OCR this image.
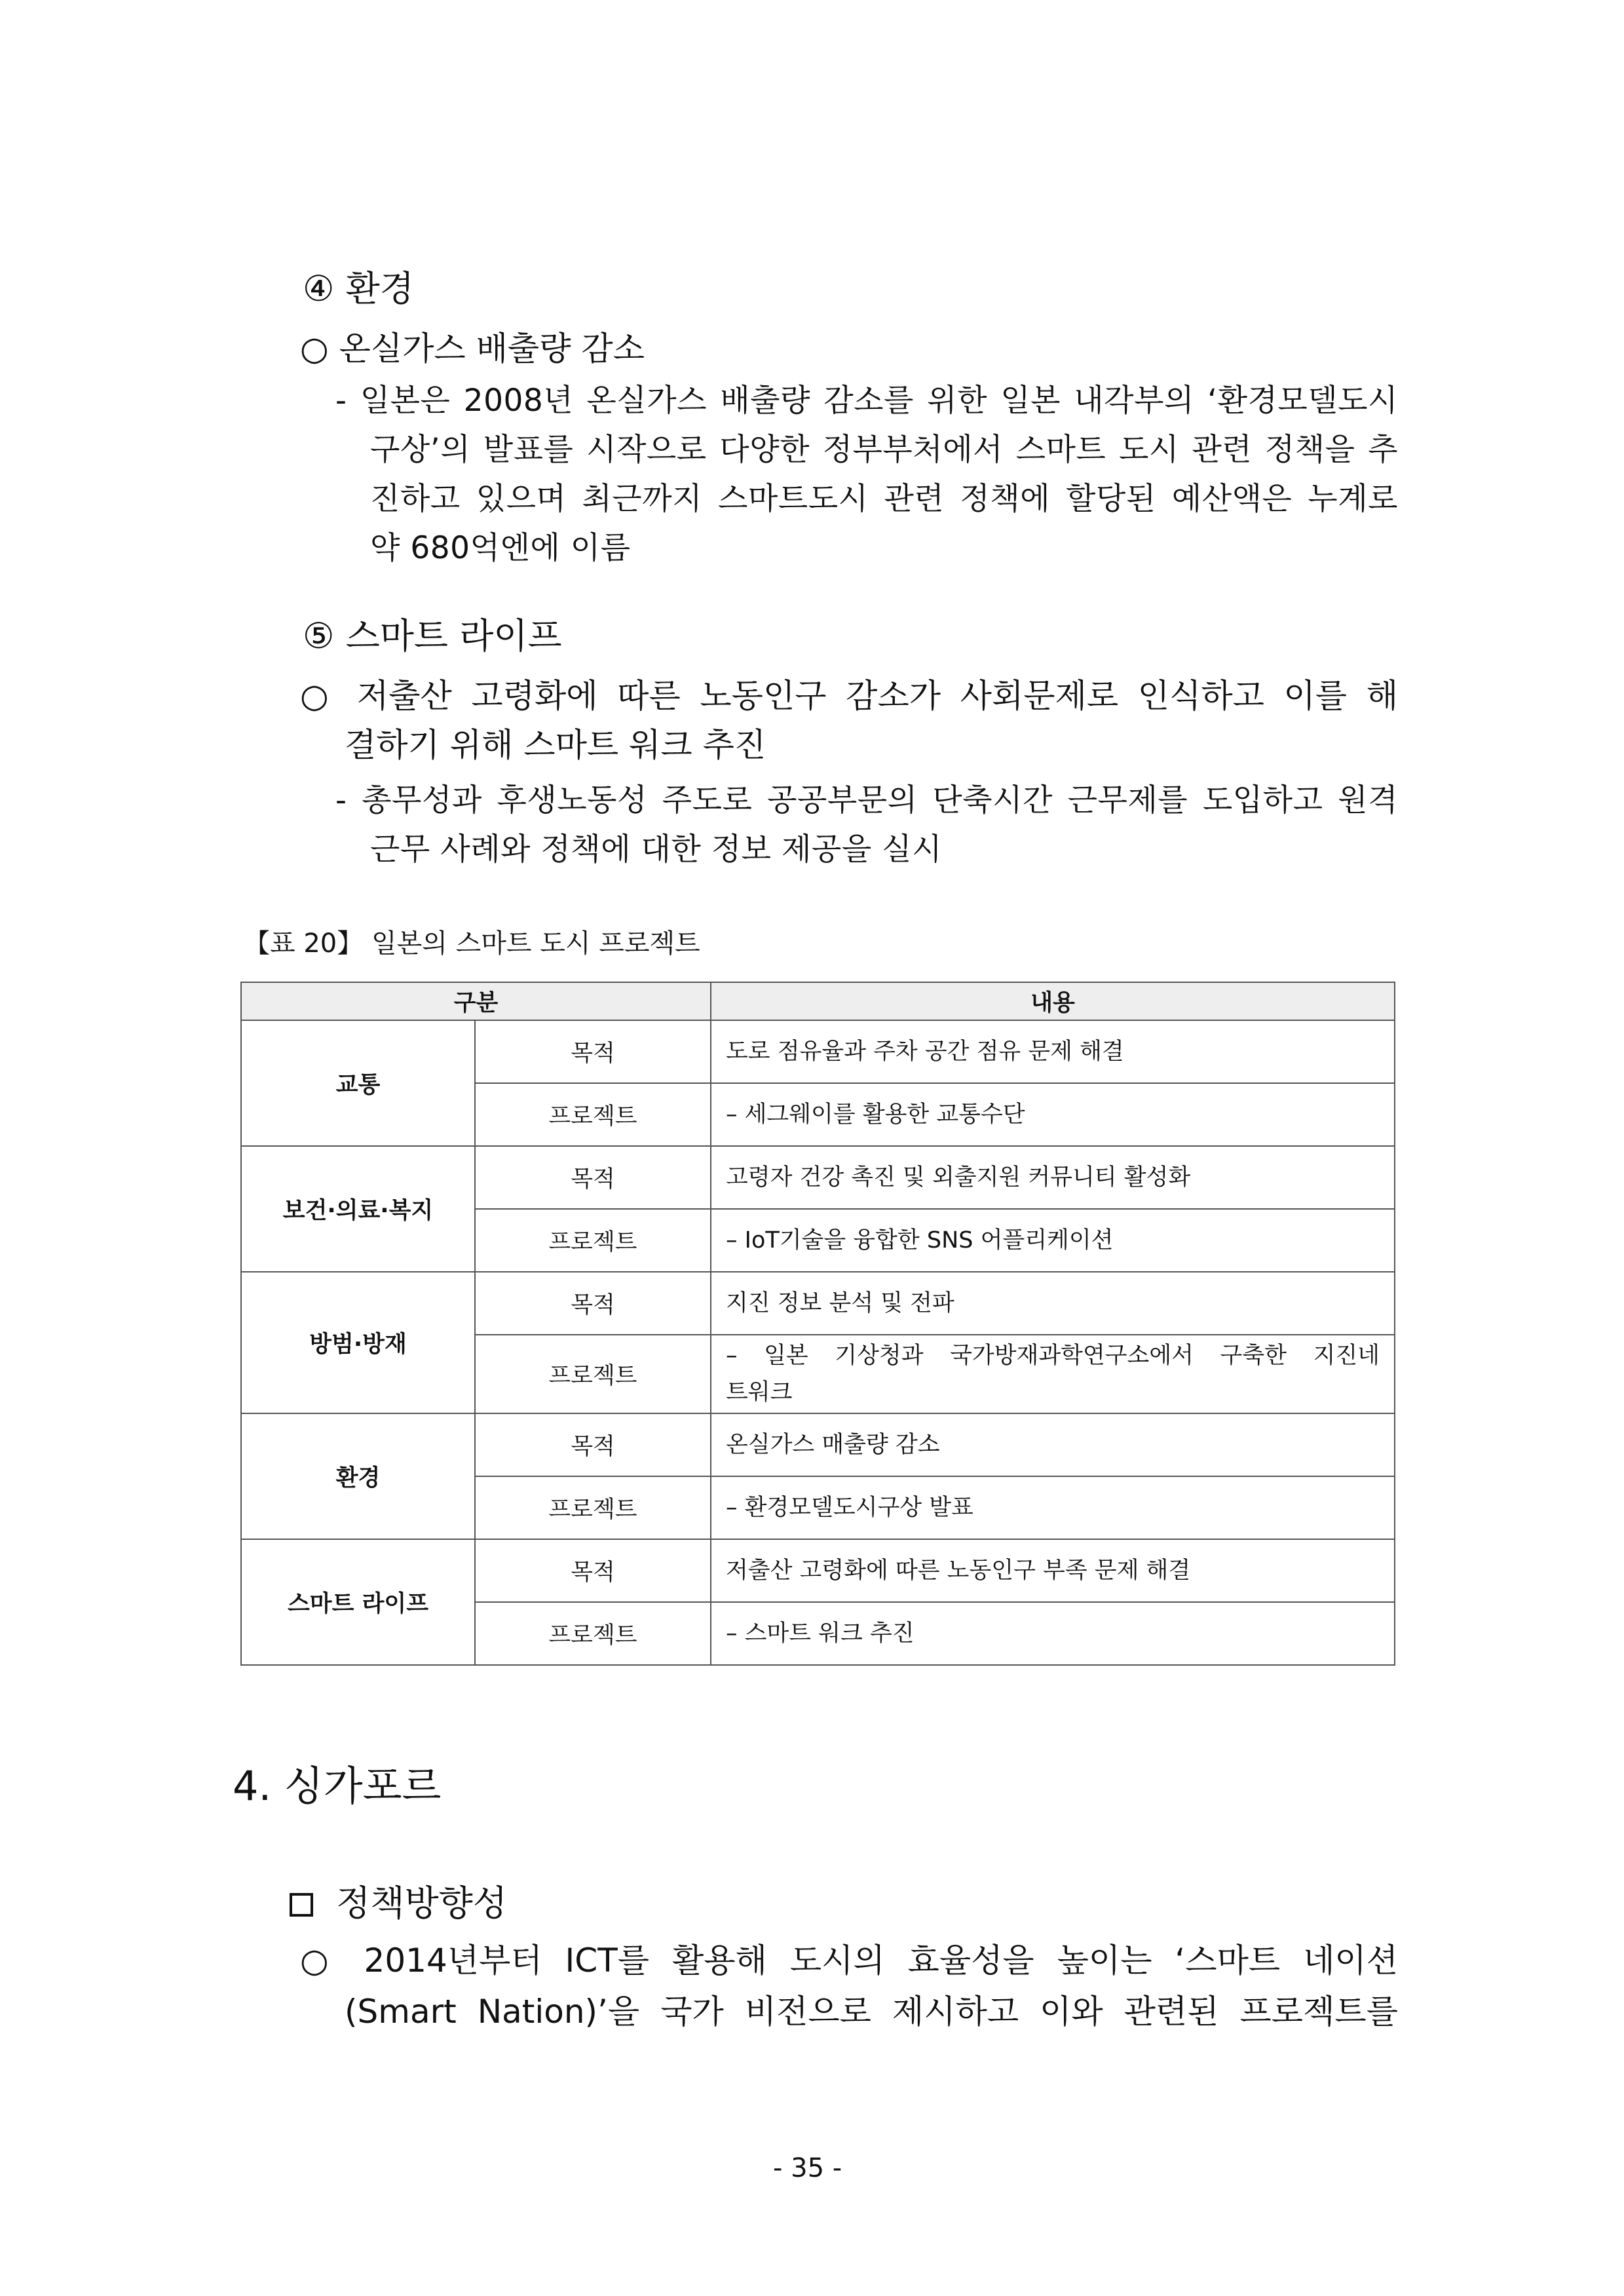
④ 환경
○ 온실가스 배출량 감소
- 일본은 2008년 온실가스 배출량 감소를 위한 일본 내각부의 ‘환경모델도시
구상’의 발표를 시작으로 다양한 정부부처에서 스마트 도시 관련 정책을 추
진하고 있으며 최근까지 스마트도시 관련 정책에 할당된 예산액은 누계로
약 680억엔에 이름
⑤ 스마트 라이프
○ 저출산 고령화에 따른 노동인구 감소가 사회문제로 인식하고 이를 해
결하기 위해 스마트 워크 추진
- 총무성과 후생노동성 주도로 공공부문의 단축시간 근무제를 도입하고 원격
근무 사례와 정책에 대한 정보 제공을 실시
【표 20】 일본의 스마트 도시 프로젝트
구분		내용
교통	목적	도로 점유율과 주차 공간 점유 문제 해결
	프로젝트	– 세그웨이를 활용한 교통수단
보건·의료·복지	목적	고령자 건강 촉진 및 외출지원 커뮤니티 활성화
	프로젝트	– IoT기술을 융합한 SNS 어플리케이션
방범·방재	목적	지진 정보 분석 및 전파
	프로젝트	– 일본 기상청과 국가방재과학연구소에서 구축한 지진네
트워크

환경	목적	온실가스 매출량 감소
	프로젝트	– 환경모델도시구상 발표
스마트 라이프	목적	저출산 고령화에 따른 노동인구 부족 문제 해결
	프로젝트	– 스마트 워크 추진
4. 싱가포르
정책방향성
○ 2014년부터 ICT를 활용해 도시의 효율성을 높이는 ‘스마트 네이션
(Smart Nation)’을 국가 비전으로 제시하고 이와 관련된 프로젝트를
- 35 -
